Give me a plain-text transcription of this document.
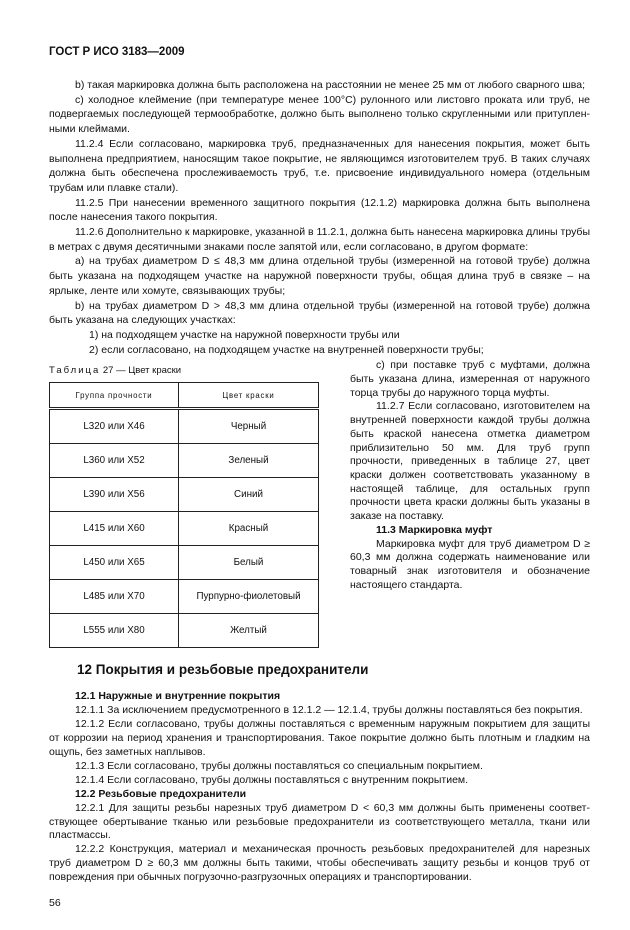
ГОСТ Р ИСО 3183—2009

b) такая маркировка должна быть расположена на расстоянии не менее 25 мм от любого сварного шва;

c) холодное клеймение (при температуре менее 100°С) рулонного или листовго проката или труб, не подвергаемых последующей термообработке, должно быть выполнено только скругленными или притупленными клеймами.

11.2.4 Если согласовано, маркировка труб, предназначенных для нанесения покрытия, может быть выполнена предприятием, наносящим такое покрытие, не являющимся изготовителем труб. В таких случаях должна быть обеспечена прослеживаемость труб, т.е. присвоение индивидуального номера (отдельным трубам или плавке стали).

11.2.5 При нанесении временного защитного покрытия (12.1.2) маркировка должна быть выполнена после нанесения такого покрытия.

11.2.6 Дополнительно к маркировке, указанной в 11.2.1, должна быть нанесена маркировка длины трубы в метрах с двумя десятичными знаками после запятой или, если согласовано, в другом формате:

а) на трубах диаметром D ≤ 48,3 мм длина отдельной трубы (измеренной на готовой трубе) должна быть указана на подходящем участке на наружной поверхности трубы, общая длина труб в связке – на ярлыке, ленте или хомуте, связывающих трубы;

b) на трубах диаметром D > 48,3 мм длина отдельной трубы (измеренной на готовой трубе) должна быть указана на следующих участках:

1) на подходящем участке на наружной поверхности трубы или

2) если согласовано, на подходящем участке на внутренней поверхности трубы;

Таблица 27 — Цвет краски
Группа прочности	Цвет краски
L320 или X46	Черный
L360 или X52	Зеленый
L390 или X56	Синий
L415 или X60	Красный
L450 или X65	Белый
L485 или X70	Пурпурно-фиолетовый
L555 или X80	Желтый

с) при поставке труб с муфтами, должна быть указана длина, измеренная от наружного торца трубы до наружного торца муфты.

11.2.7 Если согласовано, изготовителем на внутренней поверхности каждой трубы должна быть краской нанесена отметка диаметром приблизительно 50 мм. Для труб групп прочности, приведенных в таблице 27, цвет краски должен соответствовать указанному в настоящей таблице, для остальных групп прочности цвета краски должны быть указаны в заказе на поставку.

11.3 Маркировка муфт

Маркировка муфт для труб диаметром D ≥ 60,3 мм должна содержать наименование или товарный знак изготовителя и обозначение настоящего стандарта.

12 Покрытия и резьбовые предохранители

12.1 Наружные и внутренние покрытия

12.1.1 За исключением предусмотренного в 12.1.2 — 12.1.4, трубы должны поставляться без покрытия.

12.1.2 Если согласовано, трубы должны поставляться с временным наружным покрытием для защиты от коррозии на период хранения и транспортирования. Такое покрытие должно быть плотным и гладким на ощупь, без заметных наплывов.

12.1.3 Если согласовано, трубы должны поставляться со специальным покрытием.

12.1.4 Если согласовано, трубы должны поставляться с внутренним покрытием.

12.2 Резьбовые предохранители

12.2.1 Для защиты резьбы нарезных труб диаметром D < 60,3 мм должны быть применены соответствующее обертывание тканью или резьбовые предохранители из соответствующего металла, ткани или пластмассы.

12.2.2 Конструкция, материал и механическая прочность резьбовых предохранителей для нарезных труб диаметром D ≥ 60,3 мм должны быть такими, чтобы обеспечивать защиту резьбы и концов труб от повреждения при обычных погрузочно-разгрузочных операциях и транспортировании.

56
